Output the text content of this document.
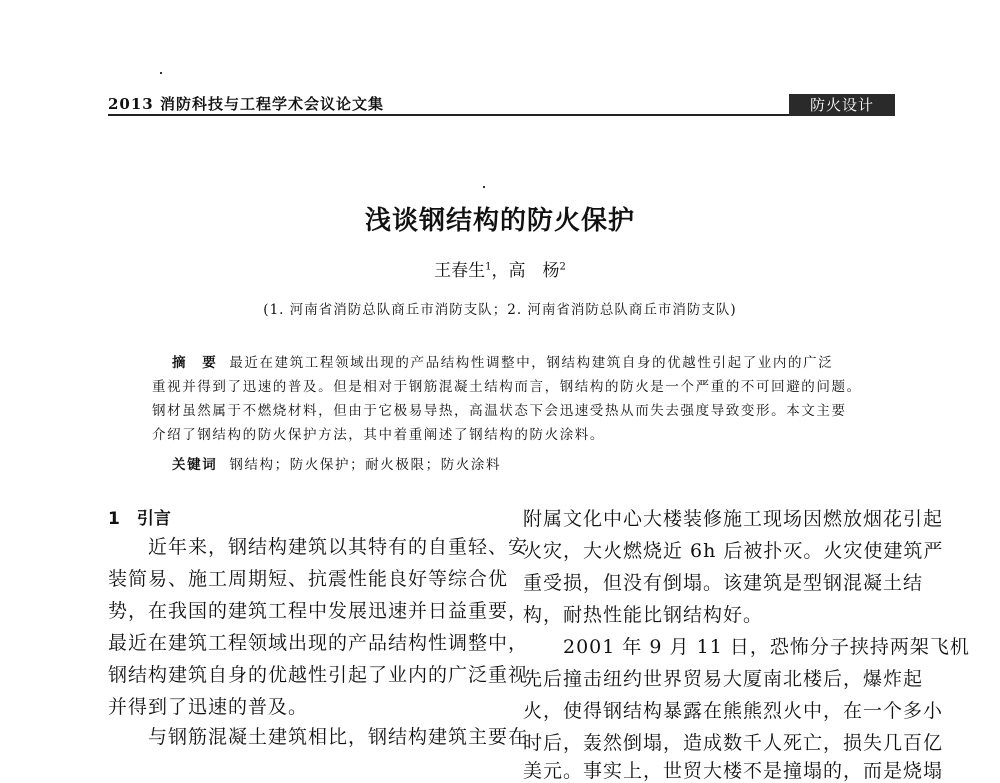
2013 消防科技与工程学术会议论文集	防火设计
浅谈钢结构的防火保护
王春生$^1$，高　杨$^2$
(1. 河南省消防总队商丘市消防支队；2. 河南省消防总队商丘市消防支队)
摘　要 最近在建筑工程领域出现的产品结构性调整中，钢结构建筑自身的优越性引起了业内的广泛
重视并得到了迅速的普及。但是相对于钢筋混凝土结构而言，钢结构的防火是一个严重的不可回避的问题。
钢材虽然属于不燃烧材料，但由于它极易导热，高温状态下会迅速受热从而失去强度导致变形。本文主要
介绍了钢结构的防火保护方法，其中着重阐述了钢结构的防火涂料。
关键词 钢结构；防火保护；耐火极限；防火涂料
1　引言
　　近年来，钢结构建筑以其特有的自重轻、安
装简易、施工周期短、抗震性能良好等综合优
势，在我国的建筑工程中发展迅速并日益重要，
最近在建筑工程领域出现的产品结构性调整中，
钢结构建筑自身的优越性引起了业内的广泛重视
并得到了迅速的普及。
　　与钢筋混凝土建筑相比，钢结构建筑主要在
附属文化中心大楼装修施工现场因燃放烟花引起
火灾，大火燃烧近 6h 后被扑灭。火灾使建筑严
重受损，但没有倒塌。该建筑是型钢混凝土结
构，耐热性能比钢结构好。
　　2001 年 9 月 11 日，恐怖分子挟持两架飞机
先后撞击纽约世界贸易大厦南北楼后，爆炸起
火，使得钢结构暴露在熊熊烈火中，在一个多小
时后，轰然倒塌，造成数千人死亡，损失几百亿
美元。事实上，世贸大楼不是撞塌的，而是烧塌
